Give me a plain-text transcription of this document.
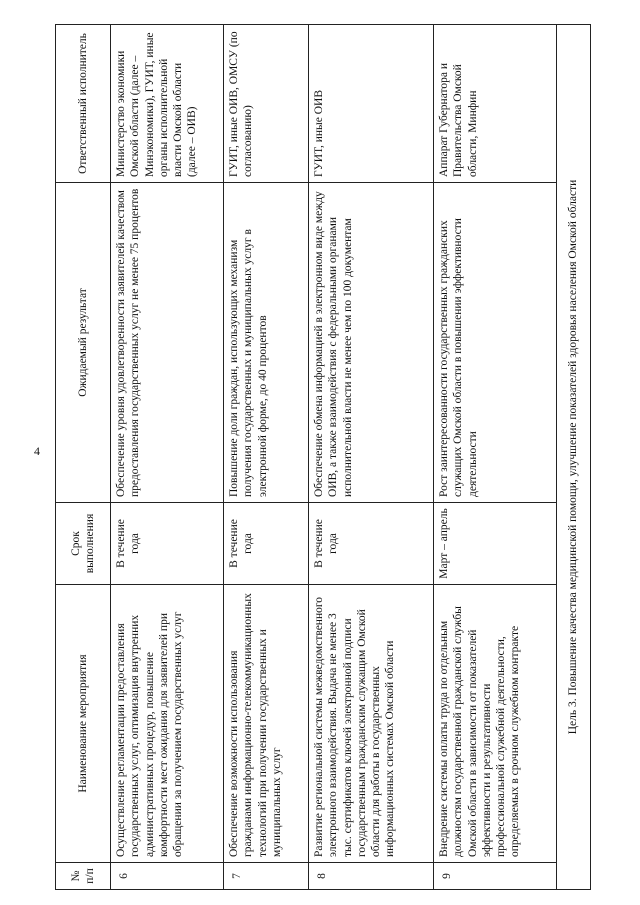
4
№ п/п	Наименование мероприятия	Срок выполнения	Ожидаемый результат	Ответственный исполнитель
6	Осуществление регламентации предоставления государственных услуг, оптимизация внутренних административных процедур, повышение комфортности мест ожидания для заявителей при обращении за получением государственных услуг	В течение года	Обеспечение уровня удовлетворенности заявителей качеством предоставления государственных услуг не менее 75 процентов	Министерство экономики Омской области (далее – Минэкономики), ГУИТ, иные органы исполнительной власти Омской области (далее – ОИВ)
7	Обеспечение возможности использования гражданами информационно-телекоммуникационных технологий при получении государственных и муниципальных услуг	В течение года	Повышение доли граждан, использующих механизм получения государственных и муниципальных услуг в электронной форме, до 40 процентов	ГУИТ, иные ОИВ, ОМСУ (по согласованию)
8	Развитие региональной системы межведомственного электронного взаимодействия. Выдача не менее 3 тыс. сертификатов ключей электронной подписи государственным гражданским служащим Омской области для работы в государственных информационных системах Омской области	В течение года	Обеспечение обмена информацией в электронном виде между ОИВ, а также взаимодействия с федеральными органами исполнительной власти не менее чем по 100 документам	ГУИТ, иные ОИВ
9	Внедрение системы оплаты труда по отдельным должностям государственной гражданской службы Омской области в зависимости от показателей эффективности и результативности профессиональной служебной деятельности, определяемых в срочном служебном контракте	Март – апрель	Рост заинтересованности государственных гражданских служащих Омской области в повышении эффективности деятельности	Аппарат Губернатора и Правительства Омской области, Минфин
Цель 3. Повышение качества медицинской помощи, улучшение показателей здоровья населения Омской области				
